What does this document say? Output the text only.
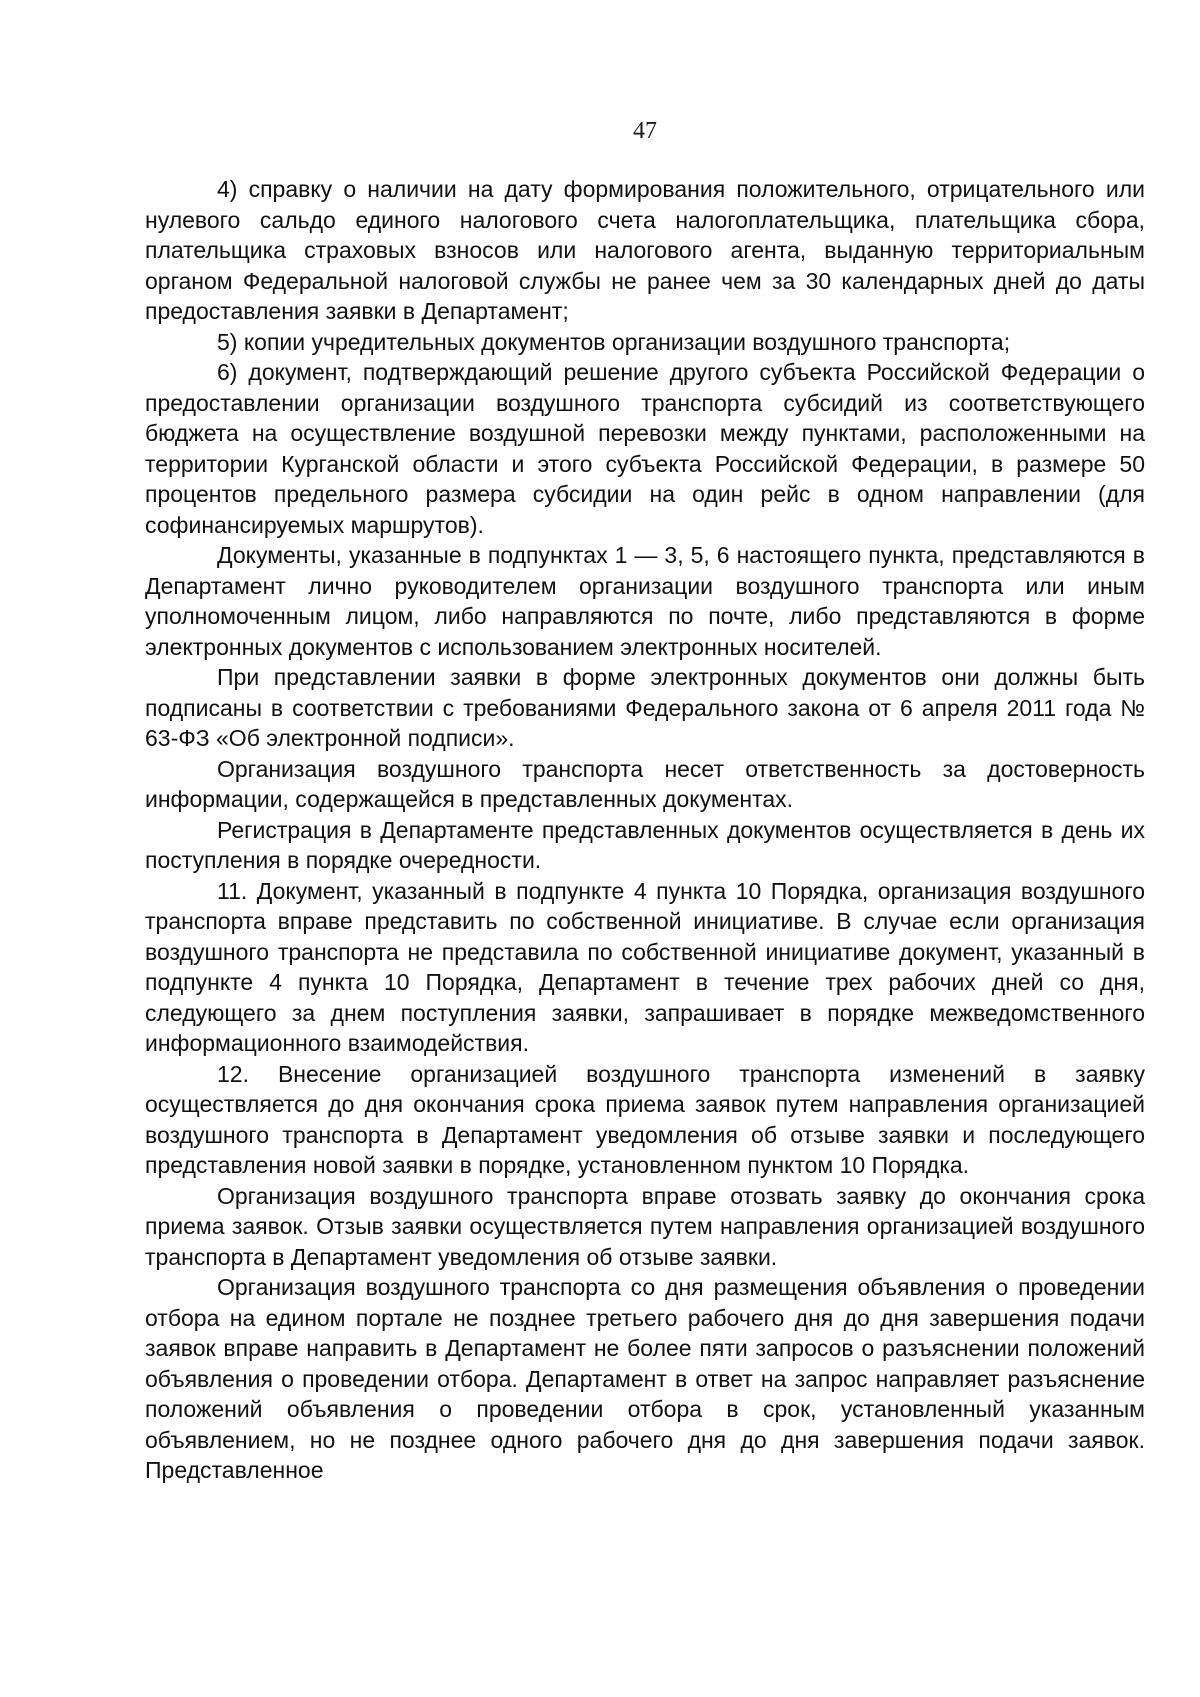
47

4) справку о наличии на дату формирования положительного, отрицательного или нулевого сальдо единого налогового счета налогоплательщика, плательщика сбора, плательщика страховых взносов или налогового агента, выданную территориальным органом Федеральной налоговой службы не ранее чем за 30 календарных дней до даты предоставления заявки в Департамент;

5) копии учредительных документов организации воздушного транспорта;

6) документ, подтверждающий решение другого субъекта Российской Федерации о предоставлении организации воздушного транспорта субсидий из соответствующего бюджета на осуществление воздушной перевозки между пунктами, расположенными на территории Курганской области и этого субъекта Российской Федерации, в размере 50 процентов предельного размера субсидии на один рейс в одном направлении (для софинансируемых маршрутов).

Документы, указанные в подпунктах 1 — 3, 5, 6 настоящего пункта, представляются в Департамент лично руководителем организации воздушного транспорта или иным уполномоченным лицом, либо направляются по почте, либо представляются в форме электронных документов с использованием электронных носителей.

При представлении заявки в форме электронных документов они должны быть подписаны в соответствии с требованиями Федерального закона от 6 апреля 2011 года № 63-ФЗ «Об электронной подписи».

Организация воздушного транспорта несет ответственность за достоверность информации, содержащейся в представленных документах.

Регистрация в Департаменте представленных документов осуществляется в день их поступления в порядке очередности.

11. Документ, указанный в подпункте 4 пункта 10 Порядка, организация воздушного транспорта вправе представить по собственной инициативе. В случае если организация воздушного транспорта не представила по собственной инициативе документ, указанный в подпункте 4 пункта 10 Порядка, Департамент в течение трех рабочих дней со дня, следующего за днем поступления заявки, запрашивает в порядке межведомственного информационного взаимодействия.

12. Внесение организацией воздушного транспорта изменений в заявку осуществляется до дня окончания срока приема заявок путем направления организацией воздушного транспорта в Департамент уведомления об отзыве заявки и последующего представления новой заявки в порядке, установленном пунктом 10 Порядка.

Организация воздушного транспорта вправе отозвать заявку до окончания срока приема заявок. Отзыв заявки осуществляется путем направления организацией воздушного транспорта в Департамент уведомления об отзыве заявки.

Организация воздушного транспорта со дня размещения объявления о проведении отбора на едином портале не позднее третьего рабочего дня до дня завершения подачи заявок вправе направить в Департамент не более пяти запросов о разъяснении положений объявления о проведении отбора. Департамент в ответ на запрос направляет разъяснение положений объявления о проведении отбора в срок, установленный указанным объявлением, но не позднее одного рабочего дня до дня завершения подачи заявок. Представленное
